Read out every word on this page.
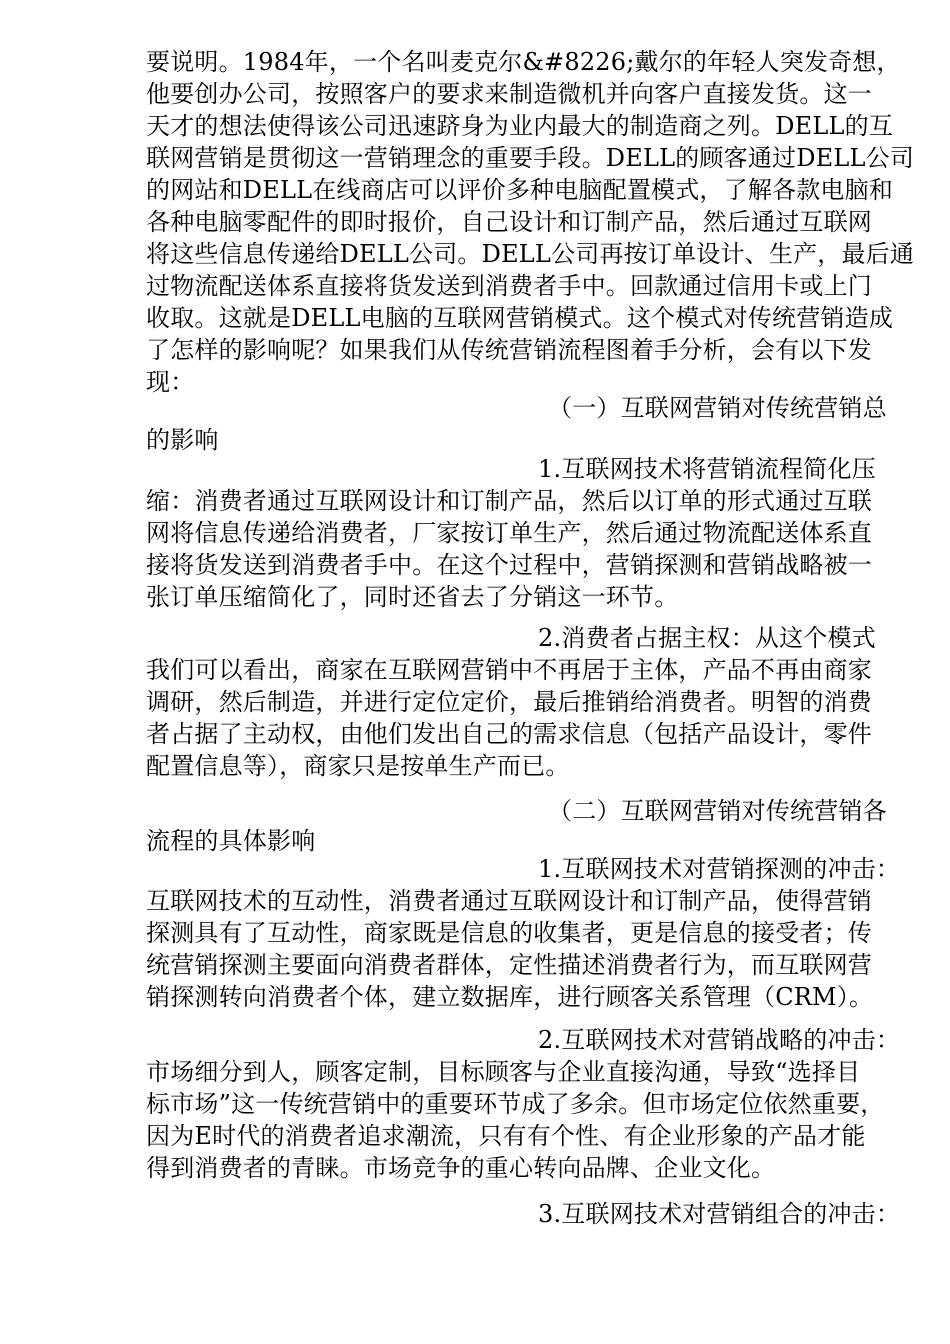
要说明。1984年，一个名叫麦克尔&#8226;戴尔的年轻人突发奇想，
他要创办公司，按照客户的要求来制造微机并向客户直接发货。这一
天才的想法使得该公司迅速跻身为业内最大的制造商之列。DELL的互
联网营销是贯彻这一营销理念的重要手段。DELL的顾客通过DELL公司
的网站和DELL在线商店可以评价多种电脑配置模式，了解各款电脑和
各种电脑零配件的即时报价，自己设计和订制产品，然后通过互联网
将这些信息传递给DELL公司。DELL公司再按订单设计、生产，最后通
过物流配送体系直接将货发送到消费者手中。回款通过信用卡或上门
收取。这就是DELL电脑的互联网营销模式。这个模式对传统营销造成
了怎样的影响呢？如果我们从传统营销流程图着手分析，会有以下发
现：
（一）互联网营销对传统营销总
的影响
1.互联网技术将营销流程简化压
缩：消费者通过互联网设计和订制产品，然后以订单的形式通过互联
网将信息传递给消费者，厂家按订单生产，然后通过物流配送体系直
接将货发送到消费者手中。在这个过程中，营销探测和营销战略被一
张订单压缩简化了，同时还省去了分销这一环节。
2.消费者占据主权：从这个模式
我们可以看出，商家在互联网营销中不再居于主体，产品不再由商家
调研，然后制造，并进行定位定价，最后推销给消费者。明智的消费
者占据了主动权，由他们发出自己的需求信息（包括产品设计，零件
配置信息等），商家只是按单生产而已。
（二）互联网营销对传统营销各
流程的具体影响
1.互联网技术对营销探测的冲击：
互联网技术的互动性，消费者通过互联网设计和订制产品，使得营销
探测具有了互动性，商家既是信息的收集者，更是信息的接受者；传
统营销探测主要面向消费者群体，定性描述消费者行为，而互联网营
销探测转向消费者个体，建立数据库，进行顾客关系管理（CRM）。
2.互联网技术对营销战略的冲击：
市场细分到人，顾客定制，目标顾客与企业直接沟通，导致“选择目
标市场”这一传统营销中的重要环节成了多余。但市场定位依然重要，
因为E时代的消费者追求潮流，只有有个性、有企业形象的产品才能
得到消费者的青睐。市场竞争的重心转向品牌、企业文化。
3.互联网技术对营销组合的冲击：
